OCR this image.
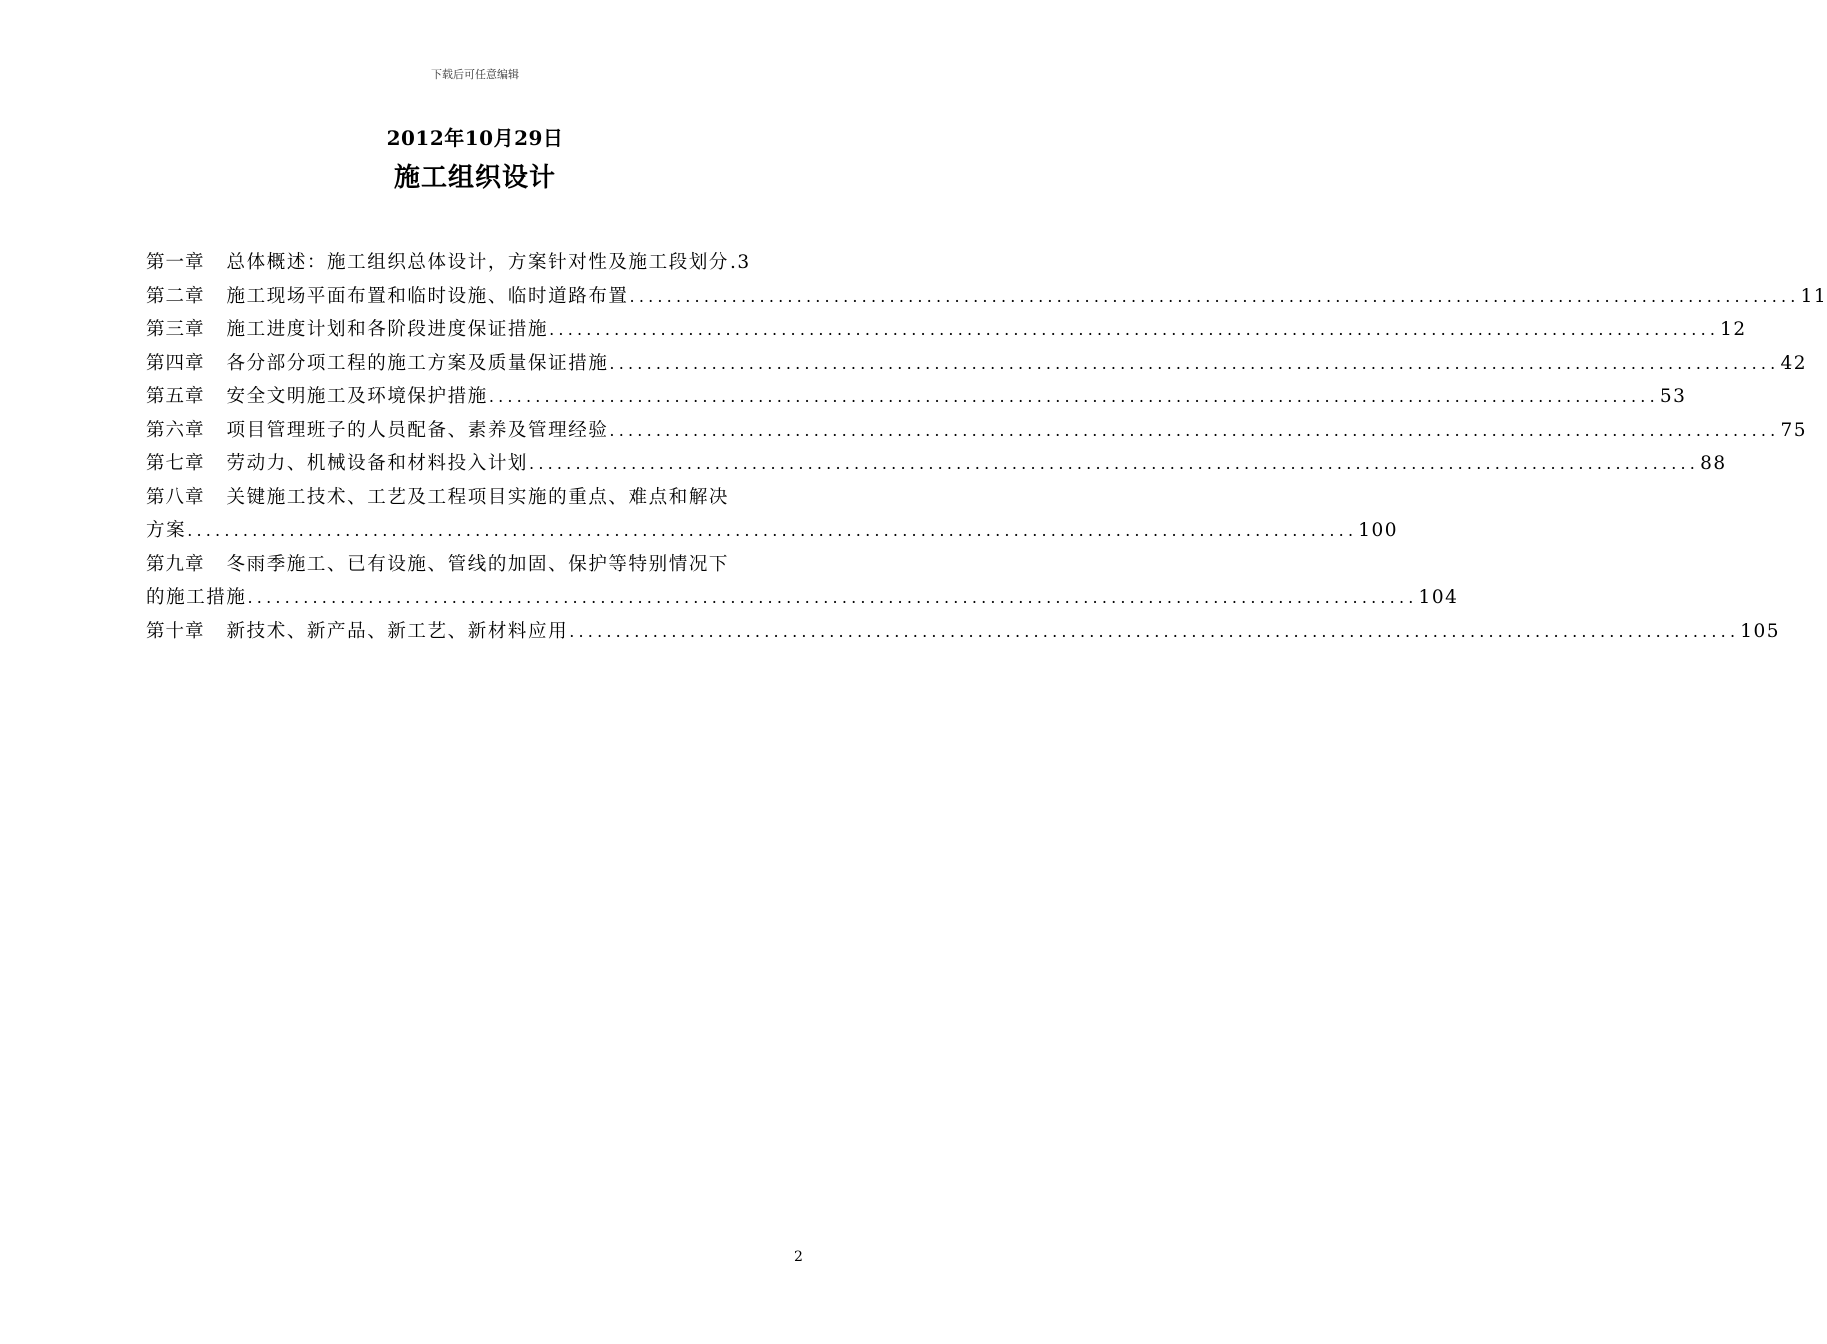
下载后可任意编辑
2012年10月29日
施工组织设计
第一章 总体概述：施工组织总体设计，方案针对性及施工段划分 .3
第二章 施工现场平面布置和临时设施、临时道路布置 .....	11
第三章 施工进度计划和各阶段进度保证措施 .....	12
第四章 各分部分项工程的施工方案及质量保证措施 .....	42
第五章 安全文明施工及环境保护措施 .....	53
第六章 项目管理班子的人员配备、素养及管理经验 .....	75
第七章 劳动力、机械设备和材料投入计划 .....	88
第八章 关键施工技术、工艺及工程项目实施的重点、难点和解决
方案 .....	100
第九章 冬雨季施工、已有设施、管线的加固、保护等特别情况下
的施工措施 .....	104
第十章 新技术、新产品、新工艺、新材料应用 .....	105
2
